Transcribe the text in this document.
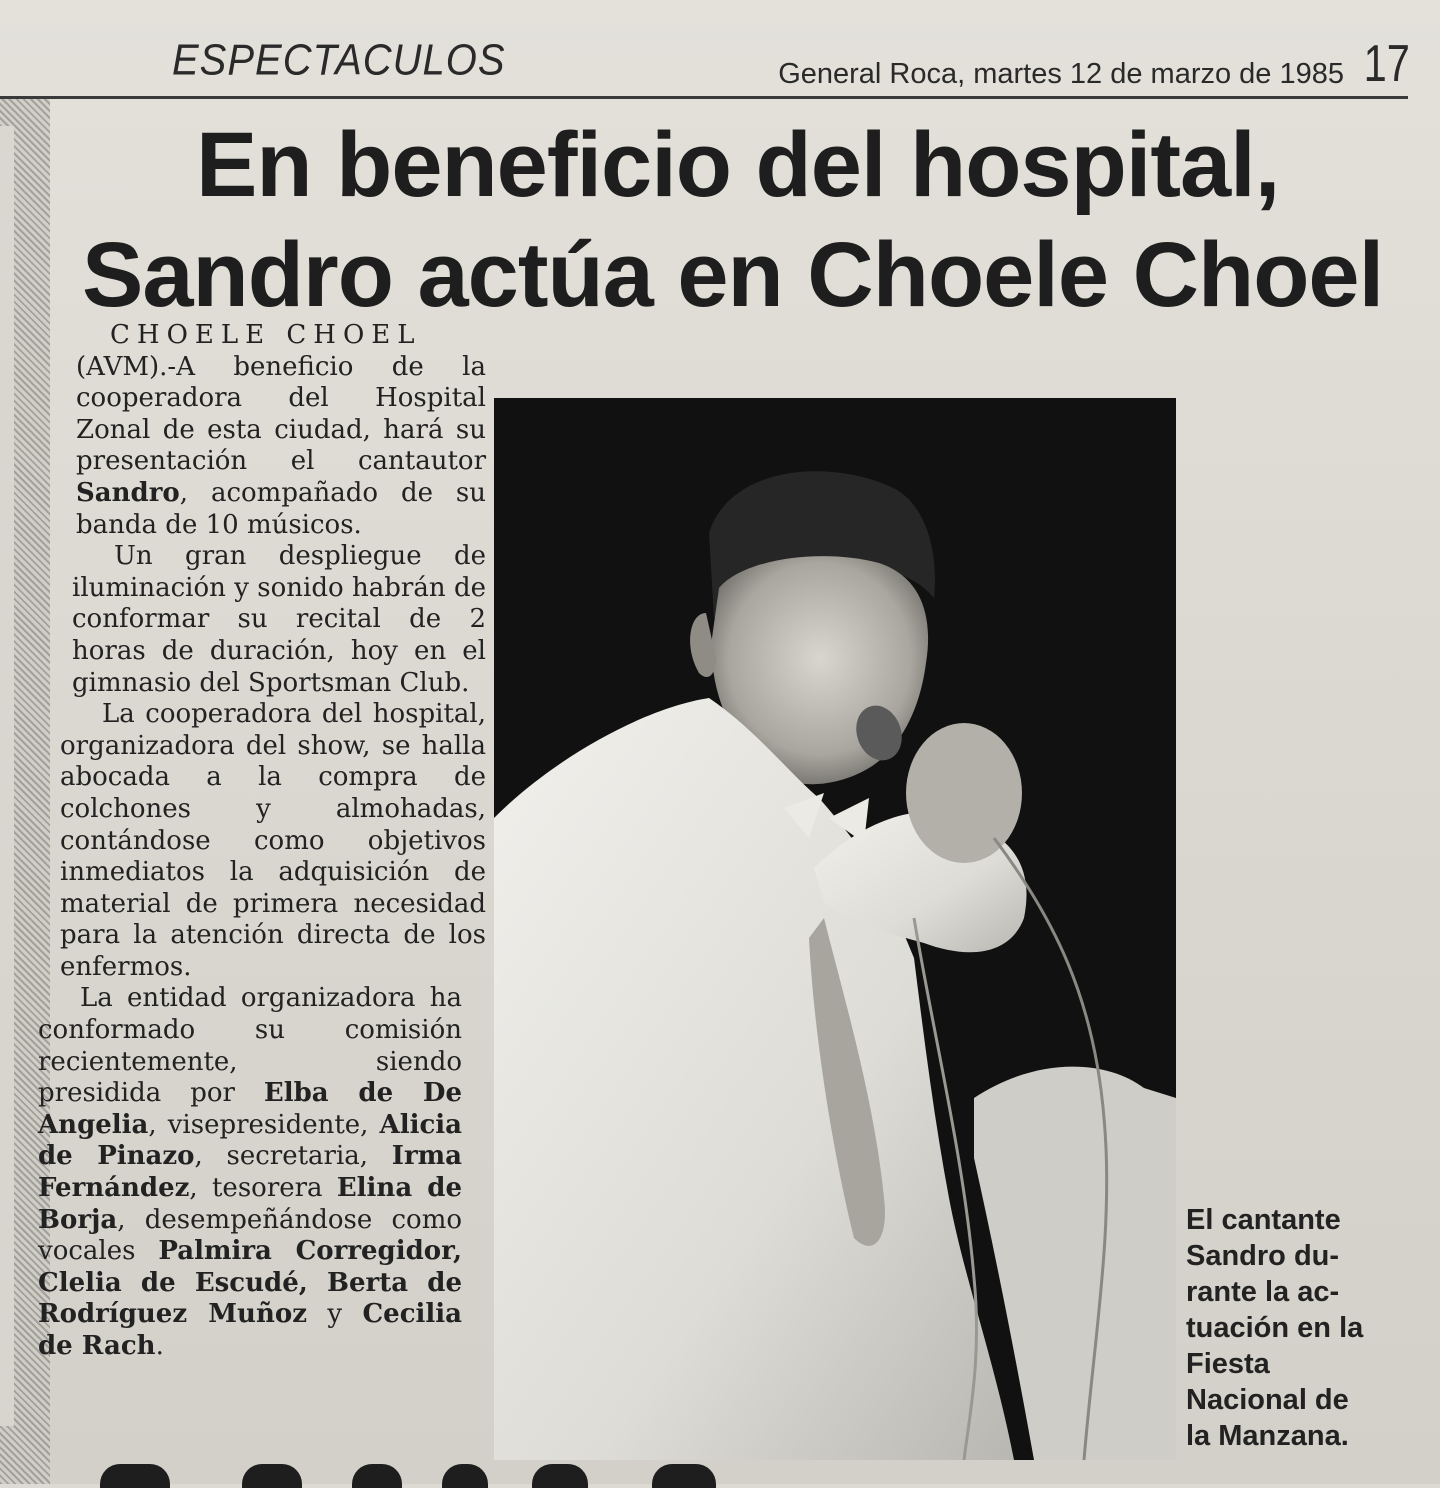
ESPECTACULOS	General Roca, martes 12 de marzo de 1985 17
En beneficio del hospital,
Sandro actúa en Choele Choel

CHOELE CHOEL

(AVM).-A beneficio de la cooperadora del Hospital Zonal de esta ciudad, hará su presentación el cantautor Sandro, acompañado de su banda de 10 músicos.

Un gran despliegue de iluminación y sonido habrán de conformar su recital de 2 horas de duración, hoy en el gimnasio del Sportsman Club.

La cooperadora del hospital, organizadora del show, se halla abocada a la compra de colchones y almohadas, contándose como objetivos inmediatos la adquisición de material de primera necesidad para la atención directa de los enfermos.

La entidad organizadora ha conformado su comisión recientemente, siendo presidida por Elba de De Angelia, visepresidente, Alicia de Pinazo, secretaria, Irma Fernández, tesorera Elina de Borja, desempeñándose como vocales Palmira Corregidor, Clelia de Escudé, Berta de Rodríguez Muñoz y Cecilia de Rach.

El cantante
Sandro du-
rante la ac-
tuación en la
Fiesta
Nacional de
la Manzana.
